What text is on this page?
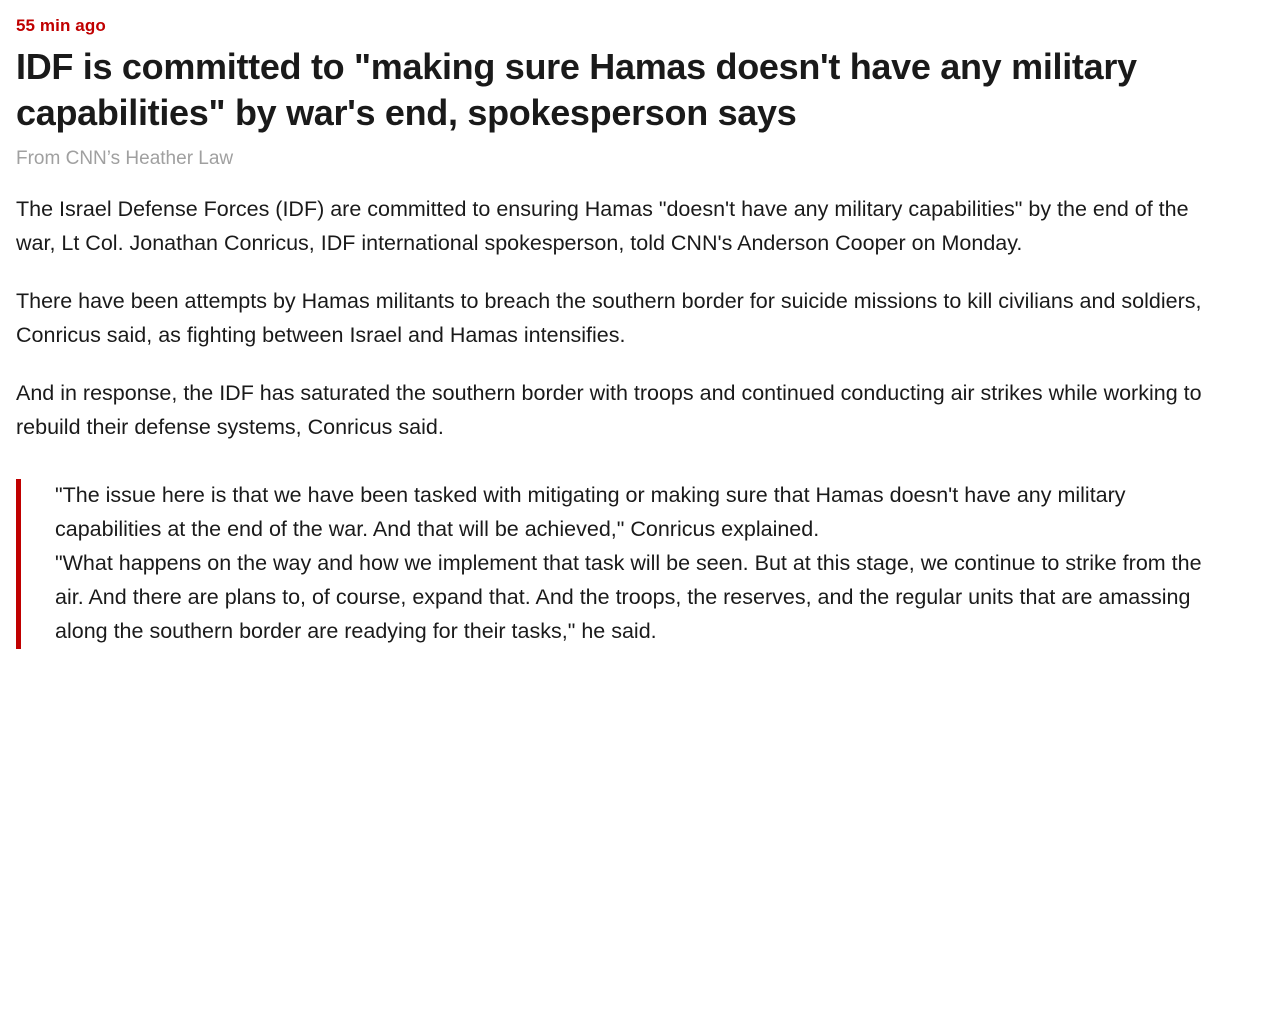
55 min ago
IDF is committed to "making sure Hamas doesn't have any military capabilities" by war's end, spokesperson says
From CNN’s Heather Law

The Israel Defense Forces (IDF) are committed to ensuring Hamas "doesn't have any military capabilities" by the end of the war, Lt Col. Jonathan Conricus, IDF international spokesperson, told CNN's Anderson Cooper on Monday.

There have been attempts by Hamas militants to breach the southern border for suicide missions to kill civilians and soldiers, Conricus said, as fighting between Israel and Hamas intensifies.

And in response, the IDF has saturated the southern border with troops and continued conducting air strikes while working to rebuild their defense systems, Conricus said.

"The issue here is that we have been tasked with mitigating or making sure that Hamas doesn't have any military capabilities at the end of the war. And that will be achieved," Conricus explained.

"What happens on the way and how we implement that task will be seen. But at this stage, we continue to strike from the air. And there are plans to, of course, expand that. And the troops, the reserves, and the regular units that are amassing along the southern border are readying for their tasks," he said.
